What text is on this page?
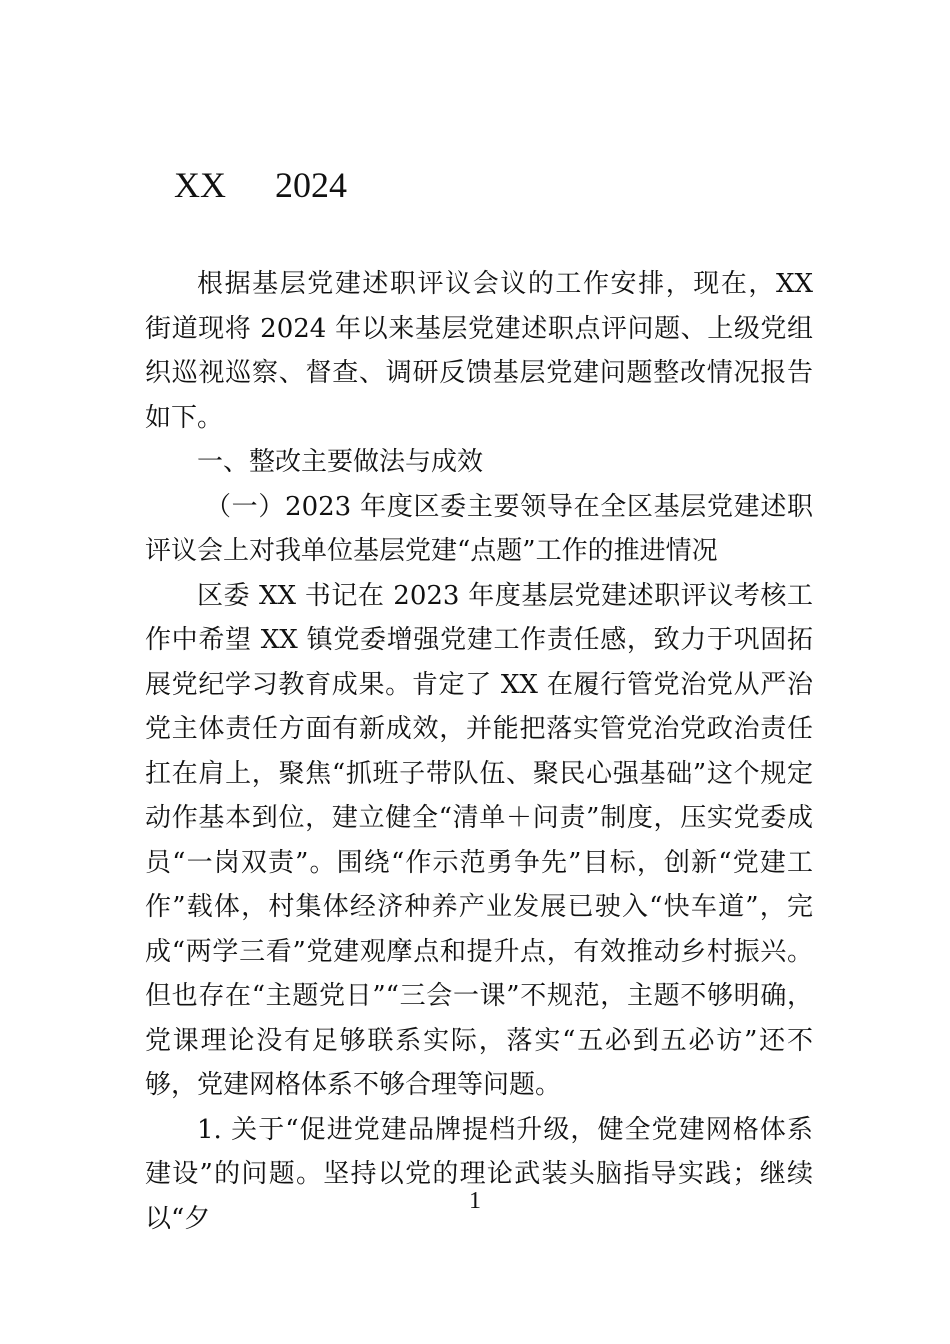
XX 2024

根据基层党建述职评议会议的工作安排，现在，XX 街道现将 2024 年以来基层党建述职点评问题、上级党组织巡视巡察、督查、调研反馈基层党建问题整改情况报告如下。

一、整改主要做法与成效

（一）2023 年度区委主要领导在全区基层党建述职评议会上对我单位基层党建“点题”工作的推进情况

区委 XX 书记在 2023 年度基层党建述职评议考核工作中希望 XX 镇党委增强党建工作责任感，致力于巩固拓展党纪学习教育成果。肯定了 XX 在履行管党治党从严治党主体责任方面有新成效，并能把落实管党治党政治责任扛在肩上，聚焦“抓班子带队伍、聚民心强基础”这个规定动作基本到位，建立健全“清单＋问责”制度，压实党委成员“一岗双责”。围绕“作示范勇争先”目标，创新“党建工作”载体，村集体经济种养产业发展已驶入“快车道”，完成“两学三看”党建观摩点和提升点，有效推动乡村振兴。但也存在“主题党日”“三会一课”不规范，主题不够明确，党课理论没有足够联系实际，落实“五必到五必访”还不够，党建网格体系不够合理等问题。

1. 关于“促进党建品牌提档升级，健全党建网格体系建设”的问题。坚持以党的理论武装头脑指导实践；继续以“夕

1
